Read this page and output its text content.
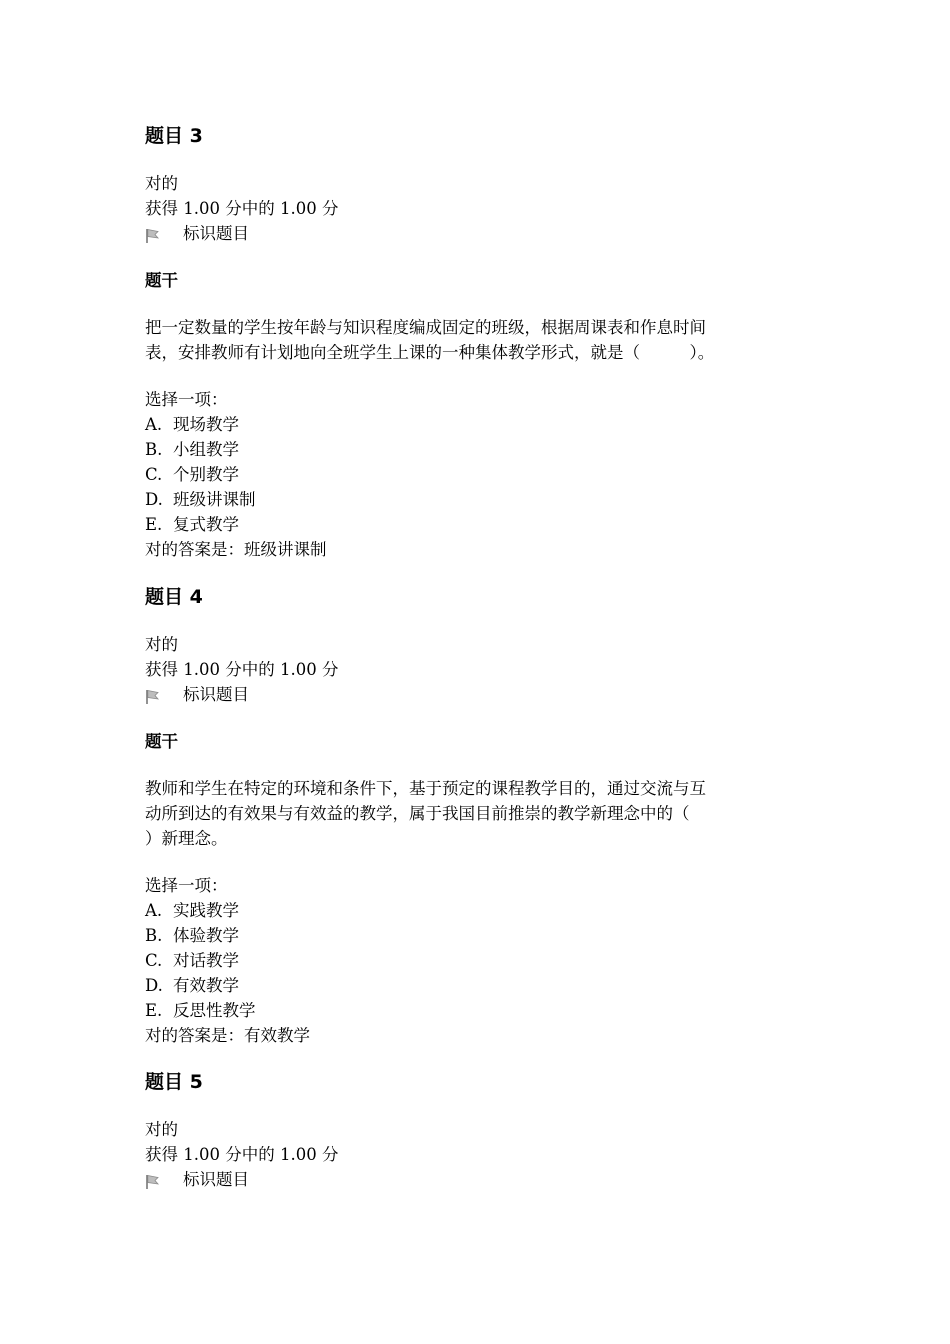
题目 3
对的
获得 1.00 分中的 1.00 分
标识题目
题干
把一定数量的学生按年龄与知识程度编成固定的班级，根据周课表和作息时间
表，安排教师有计划地向全班学生上课的一种集体教学形式，就是（　　　）。
选择一项：
A. 现场教学
B. 小组教学
C. 个别教学
D. 班级讲课制
E. 复式教学
对的答案是：班级讲课制
题目 4
对的
获得 1.00 分中的 1.00 分
标识题目
题干
教师和学生在特定的环境和条件下，基于预定的课程教学目的，通过交流与互
动所到达的有效果与有效益的教学，属于我国目前推崇的教学新理念中的（
）新理念。
选择一项：
A. 实践教学
B. 体验教学
C. 对话教学
D. 有效教学
E. 反思性教学
对的答案是：有效教学
题目 5
对的
获得 1.00 分中的 1.00 分
标识题目
